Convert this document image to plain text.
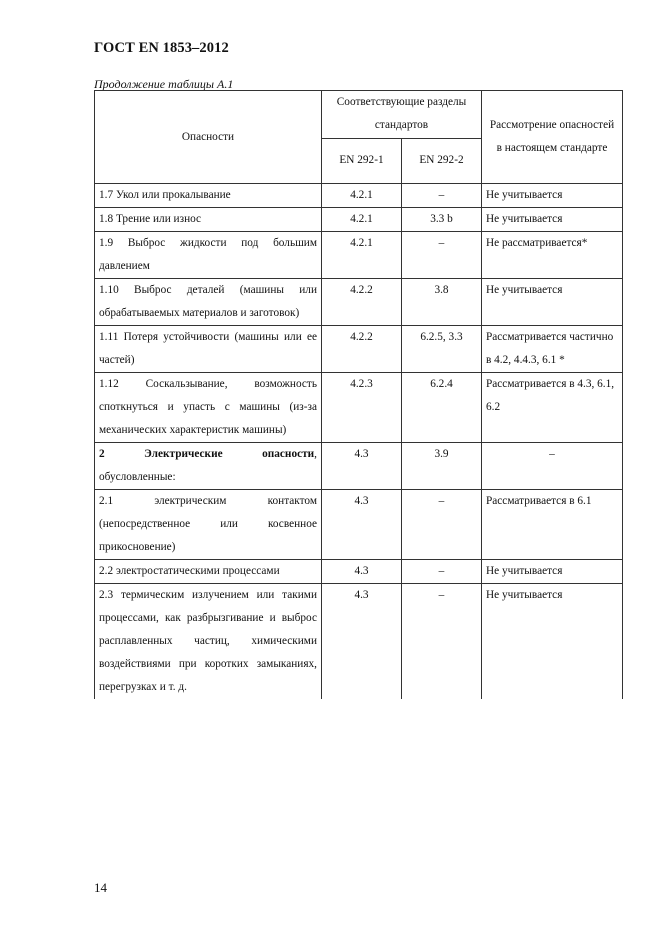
ГОСТ EN 1853–2012
Продолжение таблицы А.1
Опасности	Соответствующие разделы стандартов		Рассмотрение опасностей в настоящем стандарте
	EN 292-1	EN 292-2	
1.7 Укол или прокалывание	4.2.1	–	Не учитывается
1.8 Трение или износ	4.2.1	3.3 b	Не учитывается
1.9 Выброс жидкости под большим давлением	4.2.1	–	Не рассматривается*
1.10 Выброс деталей (машины или обрабатываемых материалов и заготовок)	4.2.2	3.8	Не учитывается
1.11 Потеря устойчивости (машины или ее частей)	4.2.2	6.2.5, 3.3	Рассматривается частично в 4.2, 4.4.3, 6.1 *
1.12 Соскальзывание, возможность споткнуться и упасть с машины (из-за механических характеристик машины)	4.2.3	6.2.4	Рассматривается в 4.3, 6.1, 6.2
2 Электрические опасности, обусловленные:	4.3	3.9	–
2.1 электрическим контактом (непосредственное или косвенное прикосновение)	4.3	–	Рассматривается в 6.1
2.2 электростатическими процессами	4.3	–	Не учитывается
2.3 термическим излучением или такими процессами, как разбрызгивание и выброс расплавленных частиц, химическими воздействиями при коротких замыканиях, перегрузках и т. д.	4.3	–	Не учитывается
14
